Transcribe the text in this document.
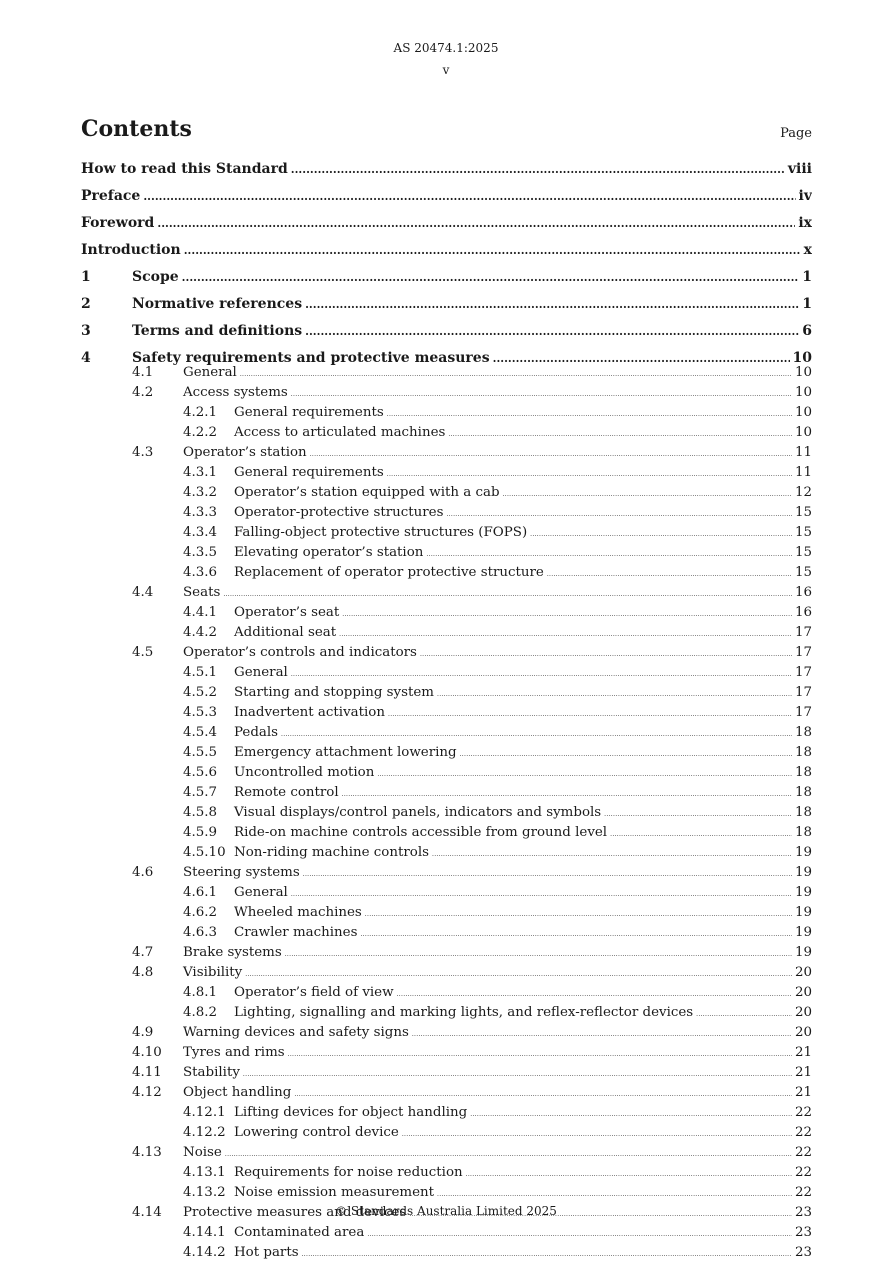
AS 20474.1:2025
v
Contents	Page
How to read this Standard .....	viii
Preface .....	iv
Foreword .....	ix
Introduction .....	x
1	Scope .....	1
2	Normative references .....	1
3	Terms and definitions .....	6
4	Safety requirements and protective measures .....	10
4.1	General .....	10
4.2	Access systems .....	10
4.2.1	General requirements .....	10
4.2.2	Access to articulated machines .....	10
4.3	Operator’s station .....	11
4.3.1	General requirements .....	11
4.3.2	Operator’s station equipped with a cab .....	12
4.3.3	Operator-protective structures .....	15
4.3.4	Falling-object protective structures (FOPS) .....	15
4.3.5	Elevating operator’s station .....	15
4.3.6	Replacement of operator protective structure .....	15
4.4	Seats .....	16
4.4.1	Operator’s seat .....	16
4.4.2	Additional seat .....	17
4.5	Operator’s controls and indicators .....	17
4.5.1	General .....	17
4.5.2	Starting and stopping system .....	17
4.5.3	Inadvertent activation .....	17
4.5.4	Pedals .....	18
4.5.5	Emergency attachment lowering .....	18
4.5.6	Uncontrolled motion .....	18
4.5.7	Remote control .....	18
4.5.8	Visual displays/control panels, indicators and symbols .....	18
4.5.9	Ride-on machine controls accessible from ground level .....	18
4.5.10 Non-riding machine controls .....	19
4.6	Steering systems .....	19
4.6.1	General .....	19
4.6.2	Wheeled machines .....	19
4.6.3	Crawler machines .....	19
4.7	Brake systems .....	19
4.8	Visibility .....	20
4.8.1	Operator’s field of view .....	20
4.8.2	Lighting, signalling and marking lights, and reflex-reflector devices .....	20
4.9	Warning devices and safety signs .....	20
4.10	Tyres and rims .....	21
4.11	Stability .....	21
4.12	Object handling .....	21
4.12.1 Lifting devices for object handling .....	22
4.12.2 Lowering control device .....	22
4.13	Noise .....	22
4.13.1 Requirements for noise reduction .....	22
4.13.2 Noise emission measurement .....	22
4.14	Protective measures and devices .....	23
4.14.1 Contaminated area .....	23
4.14.2 Hot parts .....	23
© Standards Australia Limited 2025
